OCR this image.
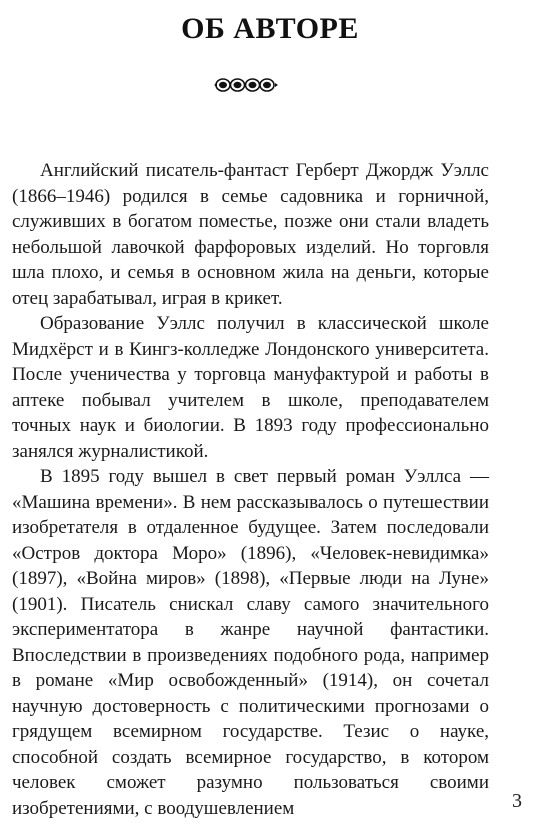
ОБ АВТОРЕ

Английский писатель-фантаст Герберт Джордж Уэллс (1866–1946) родился в семье садовника и горничной, служивших в богатом поместье, позже они стали владеть небольшой лавочкой фарфоровых изделий. Но торговля шла плохо, и семья в основном жила на деньги, которые отец зарабатывал, играя в крикет.

Образование Уэллс получил в классической школе Мидхёрст и в Кингз-колледже Лондонского университета. После ученичества у торговца мануфактурой и работы в аптеке побывал учителем в школе, преподавателем точных наук и биологии. В 1893 году профессионально занялся журналистикой.

В 1895 году вышел в свет первый роман Уэллса — «Машина времени». В нем рассказывалось о путешествии изобретателя в отдаленное будущее. Затем последовали «Остров доктора Моро» (1896), «Человек-невидимка» (1897), «Война миров» (1898), «Первые люди на Луне» (1901). Писатель снискал славу самого значительного экспериментатора в жанре научной фантастики. Впоследствии в произведениях подобного рода, например в романе «Мир освобожденный» (1914), он сочетал научную достоверность с политическими прогнозами о грядущем всемирном государстве. Тезис о науке, способной создать всемирное государство, в котором человек сможет разумно пользоваться своими изобретениями, с воодушевлением	3
